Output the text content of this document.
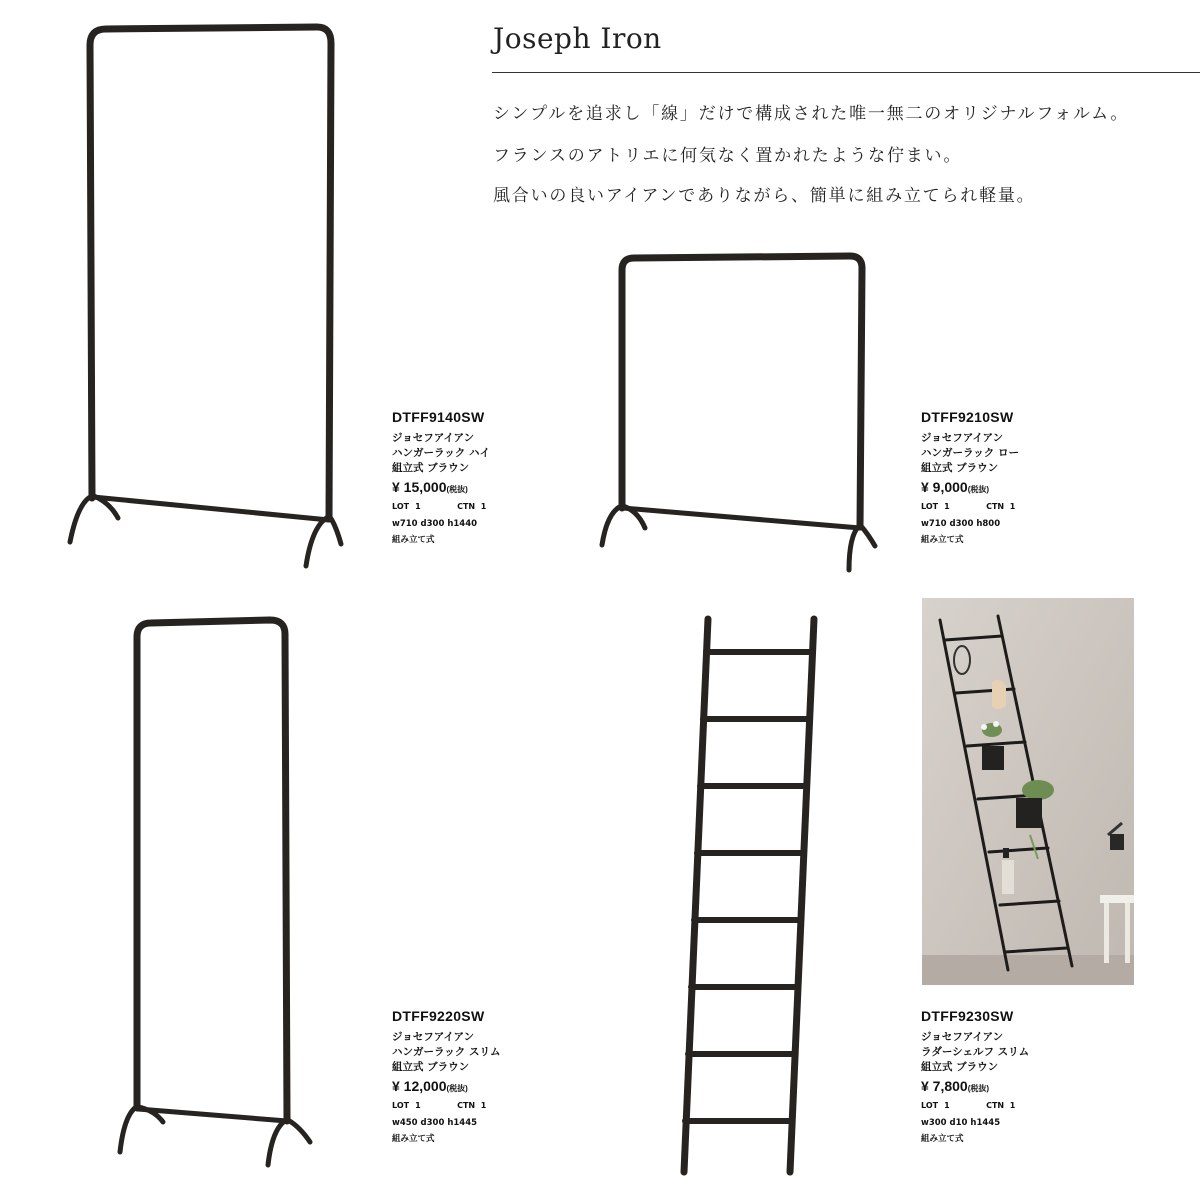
Joseph Iron
シンプルを追求し「線」だけで構成された唯一無二のオリジナルフォルム。
フランスのアトリエに何気なく置かれたような佇まい。
風合いの良いアイアンでありながら、簡単に組み立てられ軽量。
DTFF9140SW
ジョセフアイアン
ハンガーラック ハイ
組立式 ブラウン
¥ 15,000(税抜)
LOT 1	CTN 1
w710 d300 h1440
組み立て式
DTFF9210SW
ジョセフアイアン
ハンガーラック ロー
組立式 ブラウン
¥ 9,000(税抜)
LOT 1	CTN 1
w710 d300 h800
組み立て式
DTFF9220SW
ジョセフアイアン
ハンガーラック スリム
組立式 ブラウン
¥ 12,000(税抜)
LOT 1	CTN 1
w450 d300 h1445
組み立て式
DTFF9230SW
ジョセフアイアン
ラダーシェルフ スリム
組立式 ブラウン
¥ 7,800(税抜)
LOT 1	CTN 1
w300 d10 h1445
組み立て式
